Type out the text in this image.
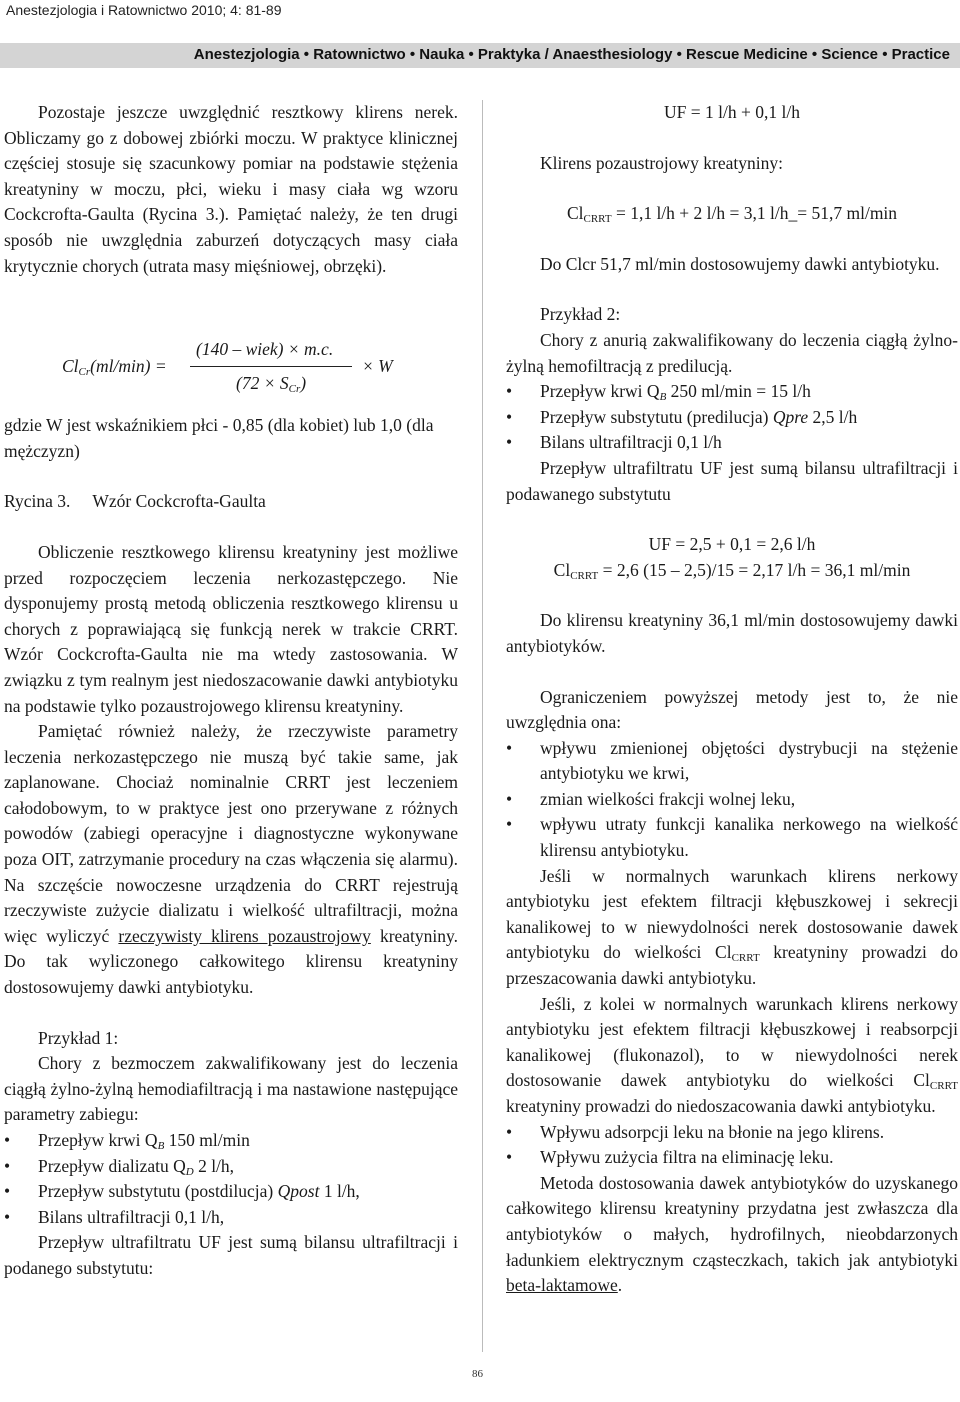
Anestezjologia i Ratownictwo 2010; 4: 81-89
Anestezjologia • Ratownictwo • Nauka • Praktyka / Anaesthesiology • Rescue Medicine • Science • Practice

Pozostaje jeszcze uwzględnić resztkowy klirens nerek. Obliczamy go z dobowej zbiórki moczu. W praktyce klinicznej częściej stosuje się szacunkowy pomiar na podstawie stężenia kreatyniny w moczu, płci, wieku i masy ciała wg wzoru Cockcrofta-Gaulta (Rycina 3.). Pamiętać należy, że ten drugi sposób nie uwzględnia zaburzeń dotyczących masy ciała krytycznie chorych (utrata masy mięśniowej, obrzęki).

$Cl_{Cr}(ml/\min)$ =
(140 – wiek) × m.c.
$(72 \times S_{Cr})$
× W

gdzie W jest wskaźnikiem płci - 0,85 (dla kobiet) lub 1,0 (dla mężczyzn)

Rycina 3. Wzór Cockcrofta-Gaulta

Obliczenie resztkowego klirensu kreatyniny jest możliwe przed rozpoczęciem leczenia nerkozastępczego. Nie dysponujemy prostą metodą obliczenia resztkowego klirensu u chorych z poprawiającą się funkcją nerek w trakcie CRRT. Wzór Cockcrofta-Gaulta nie ma wtedy zastosowania. W związku z tym realnym jest niedoszacowanie dawki antybiotyku na podstawie tylko pozaustrojowego klirensu kreatyniny.

Pamiętać również należy, że rzeczywiste parametry leczenia nerkozastępczego nie muszą być takie same, jak zaplanowane. Chociaż nominalnie CRRT jest leczeniem całodobowym, to w praktyce jest ono przerywane z różnych powodów (zabiegi operacyjne i diagnostyczne wykonywane poza OIT, zatrzymanie procedury na czas włączenia się alarmu). Na szczęście nowoczesne urządzenia do CRRT rejestrują rzeczywiste zużycie dializatu i wielkość ultrafiltracji, można więc wyliczyć rzeczywisty klirens pozaustrojowy kreatyniny. Do tak wyliczonego całkowitego klirensu kreatyniny dostosowujemy dawki antybiotyku.

Przykład 1:

Chory z bezmoczem zakwalifikowany jest do leczenia ciągłą żylno-żylną hemodiafiltracją i ma nastawione następujące parametry zabiegu:

• Przepływ krwi $Q_B$ 150 ml/min
• Przepływ dializatu $Q_D$ 2 l/h,
• Przepływ substytutu (postdilucja) Qpost 1 l/h,
• Bilans ultrafiltracji 0,1 l/h,

Przepływ ultrafiltratu UF jest sumą bilansu ultrafiltracji i podanego substytutu:

UF = 1 l/h + 0,1 l/h

Klirens pozaustrojowy kreatyniny:

$Cl_{CRRT} = 1,1$ l/h + 2 l/h = 3,1 l/h_= 51,7 ml/min

Do Clcr 51,7 ml/min dostosowujemy dawki antybiotyku.

Przykład 2:

Chory z anurią zakwalifikowany do leczenia ciągłą żylno-żylną hemofiltracją z predilucją.

• Przepływ krwi $Q_B$ 250 ml/min = 15 l/h
• Przepływ substytutu (predilucja) Qpre 2,5 l/h
• Bilans ultrafiltracji 0,1 l/h

Przepływ ultrafiltratu UF jest sumą bilansu ultrafiltracji i podawanego substytutu

UF = 2,5 + 0,1 = 2,6 l/h

$Cl_{CRRT} = 2,6$ (15 – 2,5)/15 = 2,17 l/h = 36,1 ml/min

Do klirensu kreatyniny 36,1 ml/min dostosowujemy dawki antybiotyków.

Ograniczeniem powyższej metody jest to, że nie uwzględnia ona:

• wpływu zmienionej objętości dystrybucji na stężenie antybiotyku we krwi,
• zmian wielkości frakcji wolnej leku,
• wpływu utraty funkcji kanalika nerkowego na wielkość klirensu antybiotyku.

Jeśli w normalnych warunkach klirens nerkowy antybiotyku jest efektem filtracji kłębuszkowej i sekrecji kanalikowej to w niewydolności nerek dostosowanie dawek antybiotyku do wielkości $Cl_{CRRT}$ kreatyniny prowadzi do przeszacowania dawki antybiotyku.

Jeśli, z kolei w normalnych warunkach klirens nerkowy antybiotyku jest efektem filtracji kłębuszkowej i reabsorpcji kanalikowej (flukonazol), to w niewydolności nerek dostosowanie dawek antybiotyku do wielkości $Cl_{CRRT}$ kreatyniny prowadzi do niedoszacowania dawki antybiotyku.

• Wpływu adsorpcji leku na błonie na jego klirens.
• Wpływu zużycia filtra na eliminację leku.

Metoda dostosowania dawek antybiotyków do uzyskanego całkowitego klirensu kreatyniny przydatna jest zwłaszcza dla antybiotyków o małych, hydrofilnych, nieobdarzonych ładunkiem elektrycznym cząsteczkach, takich jak antybiotyki beta-laktamowe.

86
